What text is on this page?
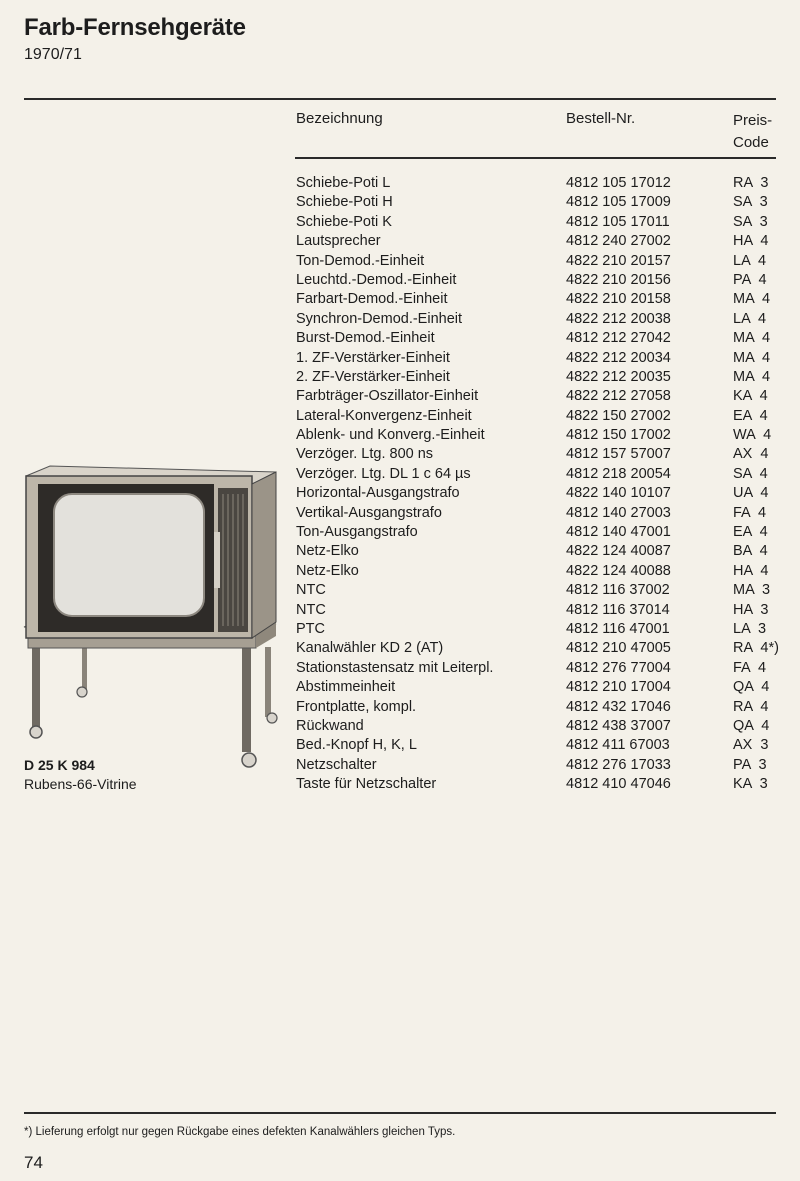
Farb-Fernsehgeräte
1970/71
Bezeichnung	Bestell-Nr.	Preis-
Code
Schiebe-Poti L	4812 105 17012	RA  3
Schiebe-Poti H	4812 105 17009	SA  3
Schiebe-Poti K	4812 105 17011	SA  3
Lautsprecher	4812 240 27002	HA  4
Ton-Demod.-Einheit	4822 210 20157	LA  4
Leuchtd.-Demod.-Einheit	4822 210 20156	PA  4
Farbart-Demod.-Einheit	4822 210 20158	MA  4
Synchron-Demod.-Einheit	4822 212 20038	LA  4
Burst-Demod.-Einheit	4812 212 27042	MA  4
1. ZF-Verstärker-Einheit	4822 212 20034	MA  4
2. ZF-Verstärker-Einheit	4822 212 20035	MA  4
Farbträger-Oszillator-Einheit	4822 212 27058	KA  4
Lateral-Konvergenz-Einheit	4822 150 27002	EA  4
Ablenk- und Konverg.-Einheit	4812 150 17002	WA  4
Verzöger. Ltg. 800 ns	4812 157 57007	AX  4
Verzöger. Ltg. DL 1 c 64 µs	4812 218 20054	SA  4
Horizontal-Ausgangstrafo	4822 140 10107	UA  4
Vertikal-Ausgangstrafo	4812 140 27003	FA  4
Ton-Ausgangstrafo	4812 140 47001	EA  4
Netz-Elko	4822 124 40087	BA  4
Netz-Elko	4822 124 40088	HA  4
NTC	4812 116 37002	MA  3
NTC	4812 116 37014	HA  3
PTC	4812 116 47001	LA  3
Kanalwähler KD 2 (AT)	4812 210 47005	RA  4*)
Stationstastensatz mit Leiterpl.	4812 276 77004	FA  4
Abstimmeinheit	4812 210 17004	QA  4
Frontplatte, kompl.	4812 432 17046	RA  4
Rückwand	4812 438 37007	QA  4
Bed.-Knopf H, K, L	4812 411 67003	AX  3
Netzschalter	4812 276 17033	PA  3
Taste für Netzschalter	4812 410 47046	KA  3
D 25 K 984
Rubens-66-Vitrine
*) Lieferung erfolgt nur gegen Rückgabe eines defekten Kanalwählers gleichen Typs.
74
